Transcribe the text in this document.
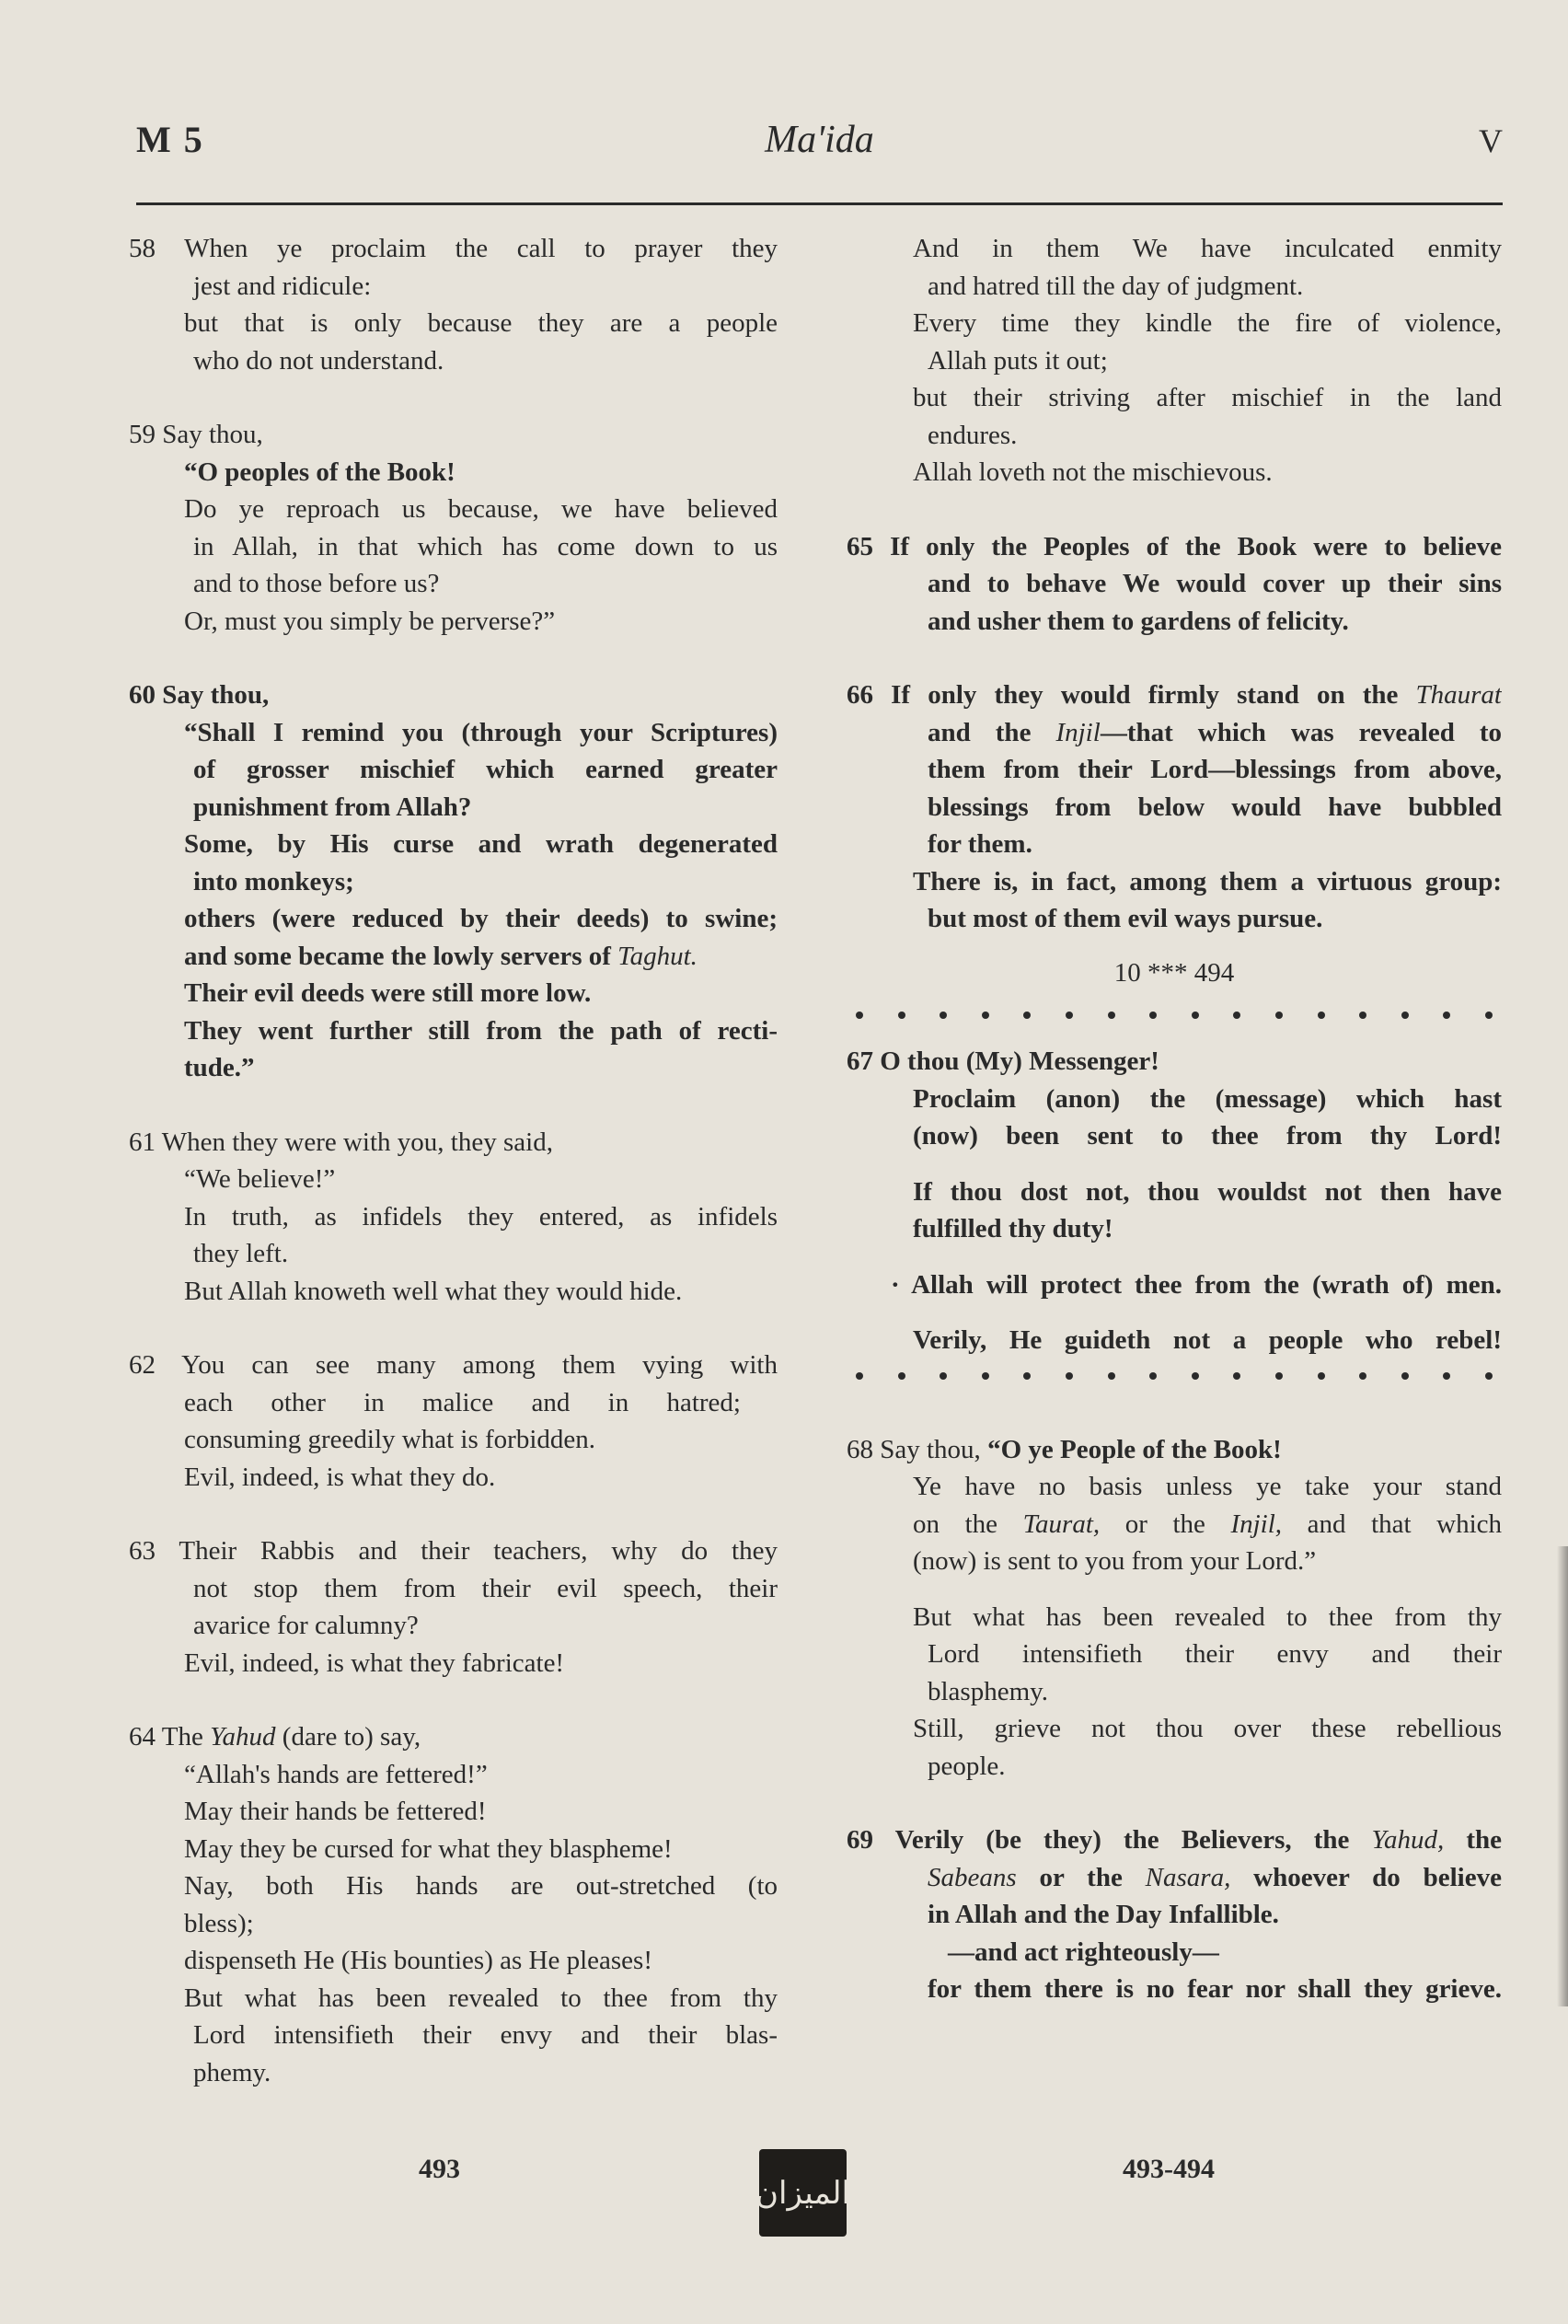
M 5	Ma'ida	V
58 When ye proclaim the call to prayer they
jest and ridicule:
but that is only because they are a people
who do not understand.
59 Say thou,
“O peoples of the Book!
Do ye reproach us because, we have believed
in Allah, in that which has come down to us
and to those before us?
Or, must you simply be perverse?”
60 Say thou,
“Shall I remind you (through your Scriptures)
of grosser mischief which earned greater
punishment from Allah?
Some, by His curse and wrath degenerated
into monkeys;
others (were reduced by their deeds) to swine;
and some became the lowly servers of Taghut.
Their evil deeds were still more low.
They went further still from the path of recti-
tude.”
61 When they were with you, they said,
“We believe!”
In truth, as infidels they entered, as infidels
they left.
But Allah knoweth well what they would hide.
62 You can see many among them vying with
each other in malice and in hatred;
consuming greedily what is forbidden.
Evil, indeed, is what they do.
63 Their Rabbis and their teachers, why do they
not stop them from their evil speech, their
avarice for calumny?
Evil, indeed, is what they fabricate!
64 The Yahud (dare to) say,
“Allah's hands are fettered!”
May their hands be fettered!
May they be cursed for what they blaspheme!
Nay, both His hands are out-stretched (to
bless);
dispenseth He (His bounties) as He pleases!
But what has been revealed to thee from thy
Lord intensifieth their envy and their blas-
phemy.
And in them We have inculcated enmity
and hatred till the day of judgment.
Every time they kindle the fire of violence,
Allah puts it out;
but their striving after mischief in the land
endures.
Allah loveth not the mischievous.
65 If only the Peoples of the Book were to believe
and to behave We would cover up their sins
and usher them to gardens of felicity.
66 If only they would firmly stand on the Thaurat
and the Injil—that which was revealed to
them from their Lord—blessings from above,
blessings from below would have bubbled
for them.
There is, in fact, among them a virtuous group:
but most of them evil ways pursue.
10 *** 494
67 O thou (My) Messenger!
Proclaim (anon) the (message) which hast
(now) been sent to thee from thy Lord!
If thou dost not, thou wouldst not then have
fulfilled thy duty!
· Allah will protect thee from the (wrath of) men.
Verily, He guideth not a people who rebel!
68 Say thou, “O ye People of the Book!
Ye have no basis unless ye take your stand
on the Taurat, or the Injil, and that which
(now) is sent to you from your Lord.”
But what has been revealed to thee from thy
Lord intensifieth their envy and their
blasphemy.
Still, grieve not thou over these rebellious
people.
69 Verily (be they) the Believers, the Yahud, the
Sabeans or the Nasara, whoever do believe
in Allah and the Day Infallible.
—and act righteously—
for them there is no fear nor shall they grieve.
493
الميزان
493-494
